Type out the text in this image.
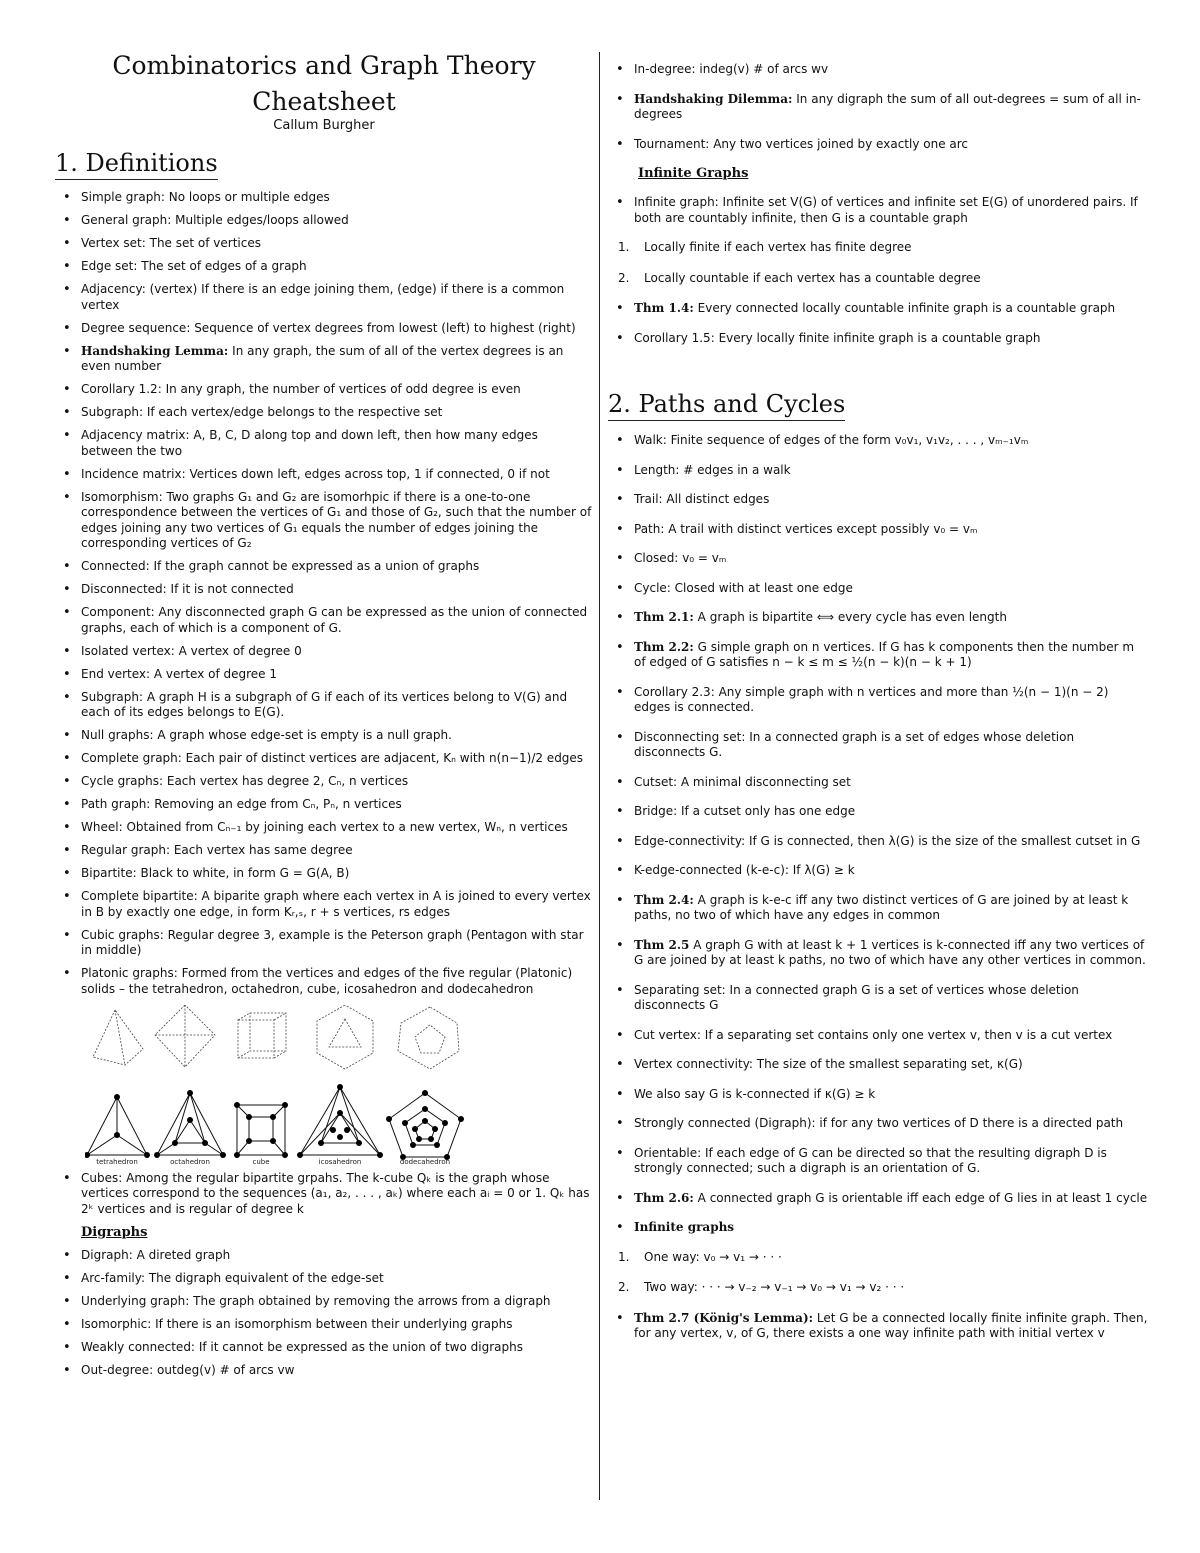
Combinatorics and Graph Theory
Cheatsheet
Callum Burgher
1. Definitions
• Simple graph: No loops or multiple edges
• General graph: Multiple edges/loops allowed
• Vertex set: The set of vertices
• Edge set: The set of edges of a graph
• Adjacency: (vertex) If there is an edge joining them, (edge) if there is a common vertex
• Degree sequence: Sequence of vertex degrees from lowest (left) to highest (right)
• Handshaking Lemma: In any graph, the sum of all of the vertex degrees is an even number
• Corollary 1.2: In any graph, the number of vertices of odd degree is even
• Subgraph: If each vertex/edge belongs to the respective set
• Adjacency matrix: A, B, C, D along top and down left, then how many edges between the two
• Incidence matrix: Vertices down left, edges across top, 1 if connected, 0 if not
• Isomorphism: Two graphs G₁ and G₂ are isomorhpic if there is a one-to-one correspondence between the vertices of G₁ and those of G₂, such that the number of edges joining any two vertices of G₁ equals the number of edges joining the corresponding vertices of G₂
• Connected: If the graph cannot be expressed as a union of graphs
• Disconnected: If it is not connected
• Component: Any disconnected graph G can be expressed as the union of connected graphs, each of which is a component of G.
• Isolated vertex: A vertex of degree 0
• End vertex: A vertex of degree 1
• Subgraph: A graph H is a subgraph of G if each of its vertices belong to V(G) and each of its edges belongs to E(G).
• Null graphs: A graph whose edge-set is empty is a null graph.
• Complete graph: Each pair of distinct vertices are adjacent, Kₙ with n(n−1)/2 edges
• Cycle graphs: Each vertex has degree 2, Cₙ, n vertices
• Path graph: Removing an edge from Cₙ, Pₙ, n vertices
• Wheel: Obtained from Cₙ₋₁ by joining each vertex to a new vertex, Wₙ, n vertices
• Regular graph: Each vertex has same degree
• Bipartite: Black to white, in form G = G(A, B)
• Complete bipartite: A biparite graph where each vertex in A is joined to every vertex in B by exactly one edge, in form Kᵣ,ₛ, r + s vertices, rs edges
• Cubic graphs: Regular degree 3, example is the Peterson graph (Pentagon with star in middle)
• Platonic graphs: Formed from the vertices and edges of the five regular (Platonic) solids – the tetrahedron, octahedron, cube, icosahedron and dodecahedron
tetrahedron	octahedron	cube	icosahedron	dodecahedron
• Cubes: Among the regular bipartite grpahs. The k-cube Qₖ is the graph whose vertices correspond to the sequences (a₁, a₂, . . . , aₖ) where each aᵢ = 0 or 1. Qₖ has 2ᵏ vertices and is regular of degree k
Digraphs
• Digraph: A direted graph
• Arc-family: The digraph equivalent of the edge-set
• Underlying graph: The graph obtained by removing the arrows from a digraph
• Isomorphic: If there is an isomorphism between their underlying graphs
• Weakly connected: If it cannot be expressed as the union of two digraphs
• Out-degree: outdeg(v) # of arcs vw
• In-degree: indeg(v) # of arcs wv
• Handshaking Dilemma: In any digraph the sum of all out-degrees = sum of all in-degrees
• Tournament: Any two vertices joined by exactly one arc
Infinite Graphs
• Infinite graph: Infinite set V(G) of vertices and infinite set E(G) of unordered pairs. If both are countably infinite, then G is a countable graph
1. Locally finite if each vertex has finite degree
2. Locally countable if each vertex has a countable degree
• Thm 1.4: Every connected locally countable infinite graph is a countable graph
• Corollary 1.5: Every locally finite infinite graph is a countable graph
2. Paths and Cycles
• Walk: Finite sequence of edges of the form v₀v₁, v₁v₂, . . . , vₘ₋₁vₘ
• Length: # edges in a walk
• Trail: All distinct edges
• Path: A trail with distinct vertices except possibly v₀ = vₘ
• Closed: v₀ = vₘ
• Cycle: Closed with at least one edge
• Thm 2.1: A graph is bipartite ⟺ every cycle has even length
• Thm 2.2: G simple graph on n vertices. If G has k components then the number m of edged of G satisfies n − k ≤ m ≤ ½(n − k)(n − k + 1)
• Corollary 2.3: Any simple graph with n vertices and more than ½(n − 1)(n − 2) edges is connected.
• Disconnecting set: In a connected graph is a set of edges whose deletion disconnects G.
• Cutset: A minimal disconnecting set
• Bridge: If a cutset only has one edge
• Edge-connectivity: If G is connected, then λ(G) is the size of the smallest cutset in G
• K-edge-connected (k-e-c): If λ(G) ≥ k
• Thm 2.4: A graph is k-e-c iff any two distinct vertices of G are joined by at least k paths, no two of which have any edges in common
• Thm 2.5 A graph G with at least k + 1 vertices is k-connected iff any two vertices of G are joined by at least k paths, no two of which have any other vertices in common.
• Separating set: In a connected graph G is a set of vertices whose deletion disconnects G
• Cut vertex: If a separating set contains only one vertex v, then v is a cut vertex
• Vertex connectivity: The size of the smallest separating set, κ(G)
• We also say G is k-connected if κ(G) ≥ k
• Strongly connected (Digraph): if for any two vertices of D there is a directed path
• Orientable: If each edge of G can be directed so that the resulting digraph D is strongly connected; such a digraph is an orientation of G.
• Thm 2.6: A connected graph G is orientable iff each edge of G lies in at least 1 cycle
• Infinite graphs
1. One way: v₀ → v₁ → · · ·
2. Two way: · · · → v₋₂ → v₋₁ → v₀ → v₁ → v₂ · · ·
• Thm 2.7 (König's Lemma): Let G be a connected locally finite infinite graph. Then, for any vertex, v, of G, there exists a one way infinite path with initial vertex v
